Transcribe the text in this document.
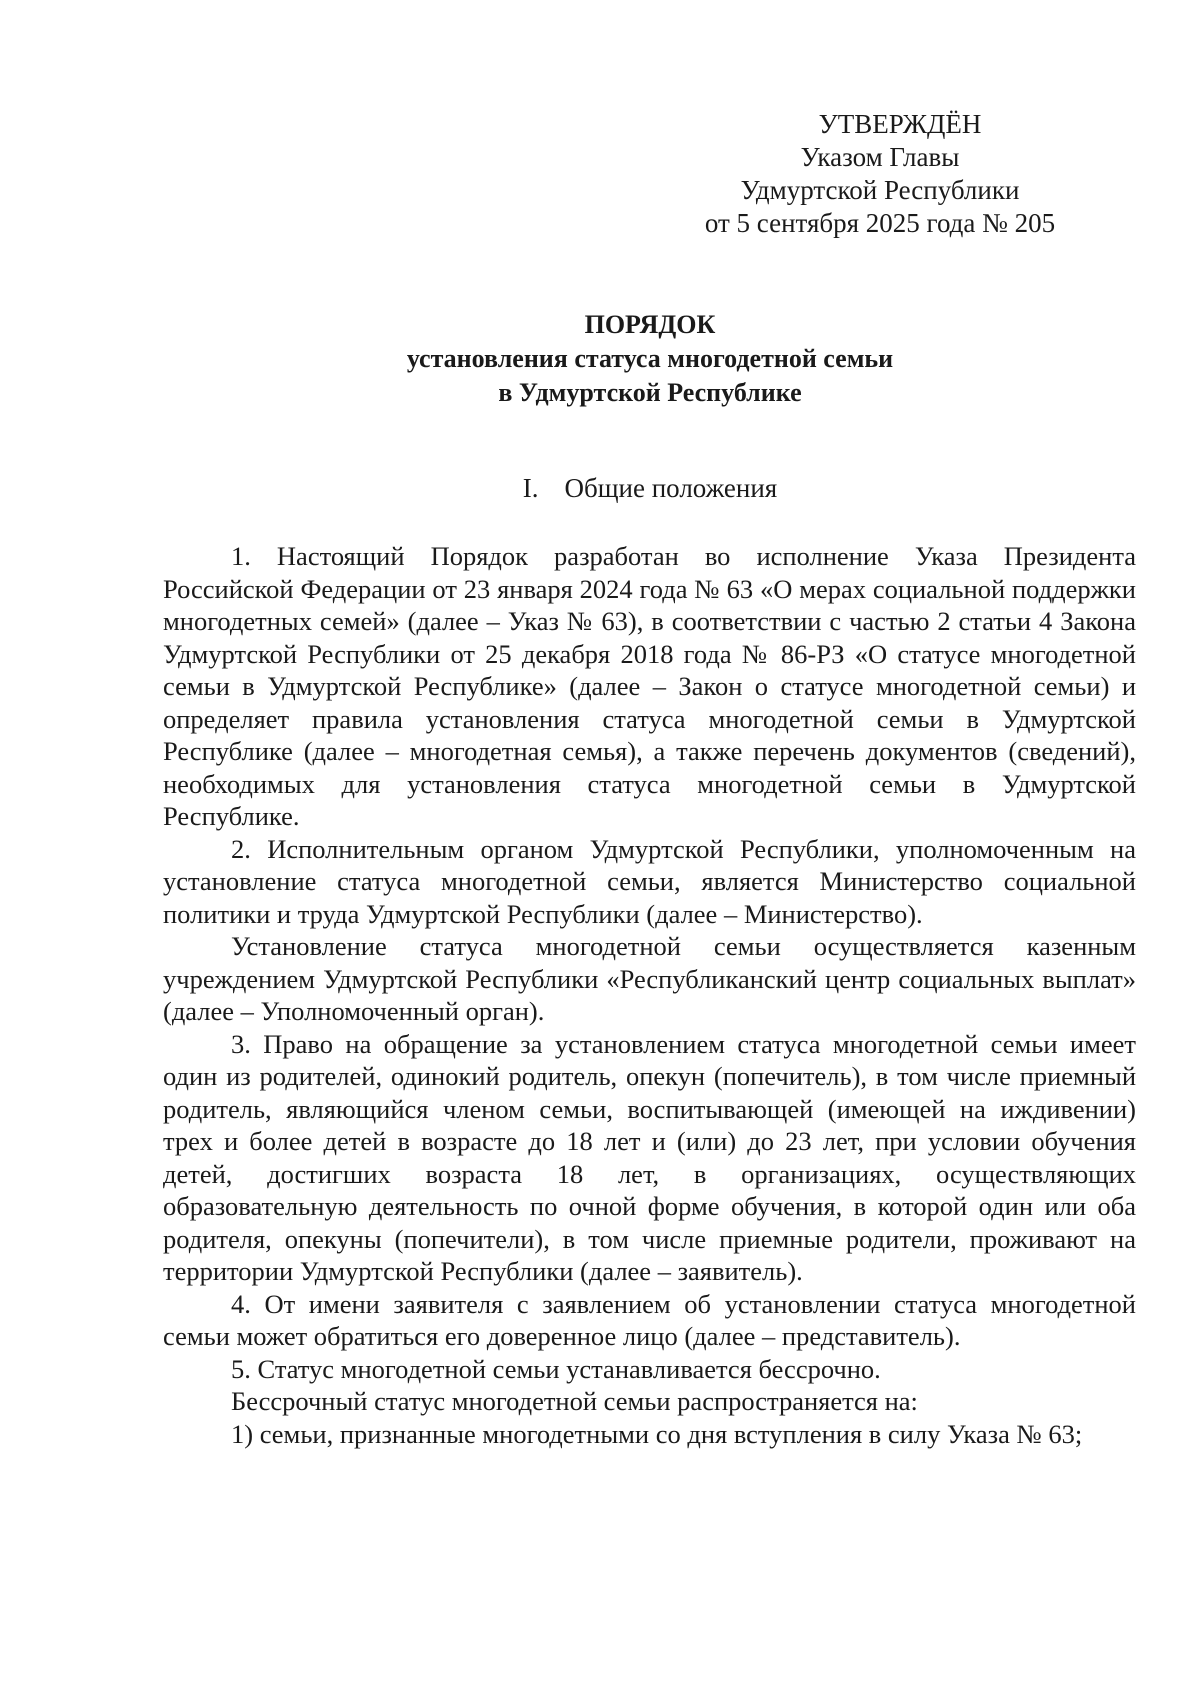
УТВЕРЖДЁН
Указом Главы
Удмуртской Республики
от 5 сентября 2025 года № 205
ПОРЯДОК
установления статуса многодетной семьи
в Удмуртской Республике
I. Общие положения

1. Настоящий Порядок разработан во исполнение Указа Президента Российской Федерации от 23 января 2024 года № 63 «О мерах социальной поддержки многодетных семей» (далее – Указ № 63), в соответствии с частью 2 статьи 4 Закона Удмуртской Республики от 25 декабря 2018 года № 86-РЗ «О статусе многодетной семьи в Удмуртской Республике» (далее – Закон о статусе многодетной семьи) и определяет правила установления статуса многодетной семьи в Удмуртской Республике (далее – многодетная семья), а также перечень документов (сведений), необходимых для установления статуса многодетной семьи в Удмуртской Республике.

2. Исполнительным органом Удмуртской Республики, уполномоченным на установление статуса многодетной семьи, является Министерство социальной политики и труда Удмуртской Республики (далее – Министерство).

Установление статуса многодетной семьи осуществляется казенным учреждением Удмуртской Республики «Республиканский центр социальных выплат» (далее – Уполномоченный орган).

3. Право на обращение за установлением статуса многодетной семьи имеет один из родителей, одинокий родитель, опекун (попечитель), в том числе приемный родитель, являющийся членом семьи, воспитывающей (имеющей на иждивении) трех и более детей в возрасте до 18 лет и (или) до 23 лет, при условии обучения детей, достигших возраста 18 лет, в организациях, осуществляющих образовательную деятельность по очной форме обучения, в которой один или оба родителя, опекуны (попечители), в том числе приемные родители, проживают на территории Удмуртской Республики (далее – заявитель).

4. От имени заявителя с заявлением об установлении статуса многодетной семьи может обратиться его доверенное лицо (далее – представитель).

5. Статус многодетной семьи устанавливается бессрочно.

Бессрочный статус многодетной семьи распространяется на:

1) семьи, признанные многодетными со дня вступления в силу Указа № 63;
